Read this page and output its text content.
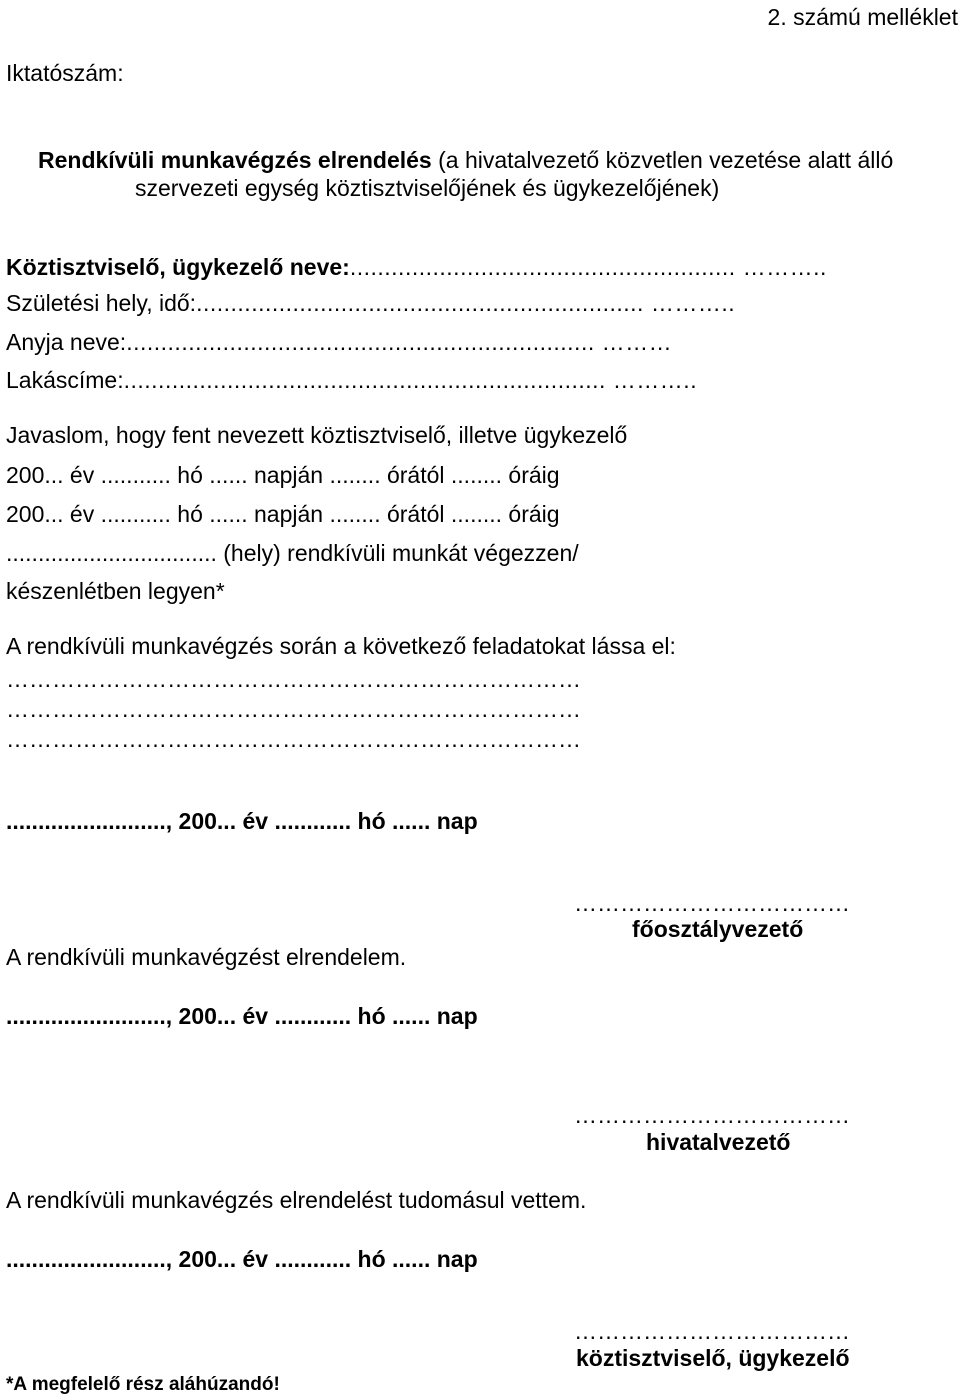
2. számú melléklet
Iktatószám:
Rendkívüli munkavégzés elrendelés (a hivatalvezető közvetlen vezetése alatt álló
szervezeti egység köztisztviselőjének és ügykezelőjének)
Köztisztviselő, ügykezelő neve:........................................................ ………..
Születési hely, idő:................................................................. ………..
Anyja neve:.................................................................... ………
Lakáscíme:...................................................................... ………..
Javaslom, hogy fent nevezett köztisztviselő, illetve ügykezelő
200... év ........... hó ...... napján ........ órától ........ óráig
200... év ........... hó ...... napján ........ órától ........ óráig
................................. (hely) rendkívüli munkát végezzen/
készenlétben legyen*
A rendkívüli munkavégzés során a következő feladatokat lássa el:
…………………………………………………………………
…………………………………………………………………
…………………………………………………………………
........................., 200... év ............ hó ...... nap
………………………………
főosztályvezető
A rendkívüli munkavégzést elrendelem.
........................., 200... év ............ hó ...... nap
………………………………
hivatalvezető
A rendkívüli munkavégzés elrendelést tudomásul vettem.
........................., 200... év ............ hó ...... nap
………………………………
köztisztviselő, ügykezelő
*A megfelelő rész aláhúzandó!
